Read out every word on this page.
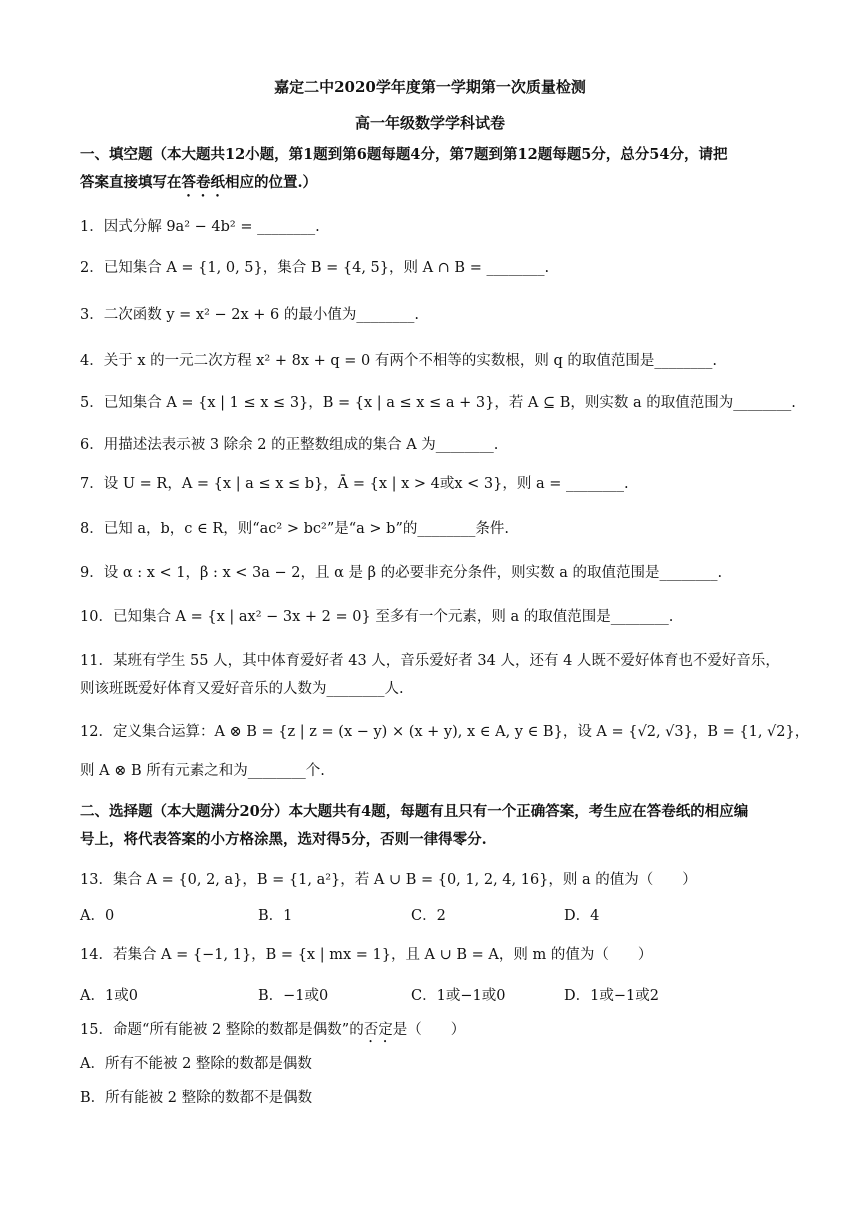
嘉定二中2020学年度第一学期第一次质量检测
高一年级数学学科试卷
一、填空题（本大题共12小题，第1题到第6题每题4分，第7题到第12题每题5分，总分54分，请把
答案直接填写在答卷纸相应的位置.）
1．因式分解 9a² − 4b² = ________.
2．已知集合 A = {1, 0, 5}，集合 B = {4, 5}，则 A ∩ B = ________.
3．二次函数 y = x² − 2x + 6 的最小值为________.
4．关于 x 的一元二次方程 x² + 8x + q = 0 有两个不相等的实数根，则 q 的取值范围是________.
5．已知集合 A = {x | 1 ≤ x ≤ 3}，B = {x | a ≤ x ≤ a + 3}，若 A ⊆ B，则实数 a 的取值范围为________.
6．用描述法表示被 3 除余 2 的正整数组成的集合 A 为________.
7．设 U = R，A = {x | a ≤ x ≤ b}，Ā = {x | x > 4或x < 3}，则 a = ________.
8．已知 a，b，c ∈ R，则“ac² > bc²”是“a > b”的________条件.
9．设 α : x < 1，β : x < 3a − 2，且 α 是 β 的必要非充分条件，则实数 a 的取值范围是________.
10．已知集合 A = {x | ax² − 3x + 2 = 0} 至多有一个元素，则 a 的取值范围是________.
11．某班有学生 55 人，其中体育爱好者 43 人，音乐爱好者 34 人，还有 4 人既不爱好体育也不爱好音乐，
则该班既爱好体育又爱好音乐的人数为________人.
12．定义集合运算：A ⊗ B = {z | z = (x − y) × (x + y), x ∈ A, y ∈ B}，设 A = {√2, √3}，B = {1, √2}，
则 A ⊗ B 所有元素之和为________个.
二、选择题（本大题满分20分）本大题共有4题，每题有且只有一个正确答案，考生应在答卷纸的相应编
号上，将代表答案的小方格涂黑，选对得5分，否则一律得零分.
13．集合 A = {0, 2, a}，B = {1, a²}，若 A ∪ B = {0, 1, 2, 4, 16}，则 a 的值为（　　）
A．0	B．1	C．2	D．4
14．若集合 A = {−1, 1}，B = {x | mx = 1}，且 A ∪ B = A，则 m 的值为（　　）
A．1或0	B．−1或0	C．1或−1或0	D．1或−1或2
15．命题“所有能被 2 整除的数都是偶数”的否定是（　　）
A．所有不能被 2 整除的数都是偶数
B．所有能被 2 整除的数都不是偶数
